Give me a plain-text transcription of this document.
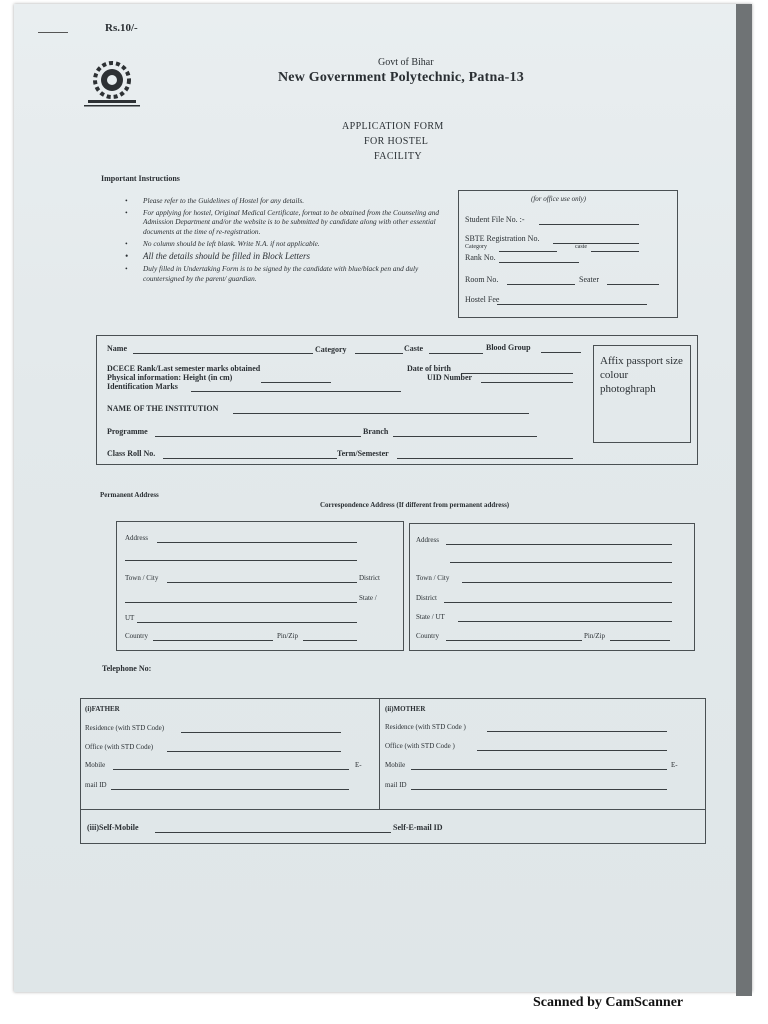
Rs.10/-
Govt of Bihar
New Government Polytechnic, Patna-13
APPLICATION FORM
FOR HOSTEL
FACILITY
Important Instructions
• Please refer to the Guidelines of Hostel for any details.
• For applying for hostel, Original Medical Certificate, format to be obtained from the Counseling and Admission Department and/or the website is to be submitted by candidate along with other essential documents at the time of re-registration.
• No column should be left blank. Write N.A. if not applicable.
• All the details should be filled in Block Letters
• Duly filled in Undertaking Form is to be signed by the candidate with blue/black pen and duly countersigned by the parent/ guardian.
(for office use only)
Student File No. :-
SBTE Registration No.
Category	caste
Rank No.
Room No.	Seater
Hostel Fee
Name	Category	Caste	Blood Group
DCECE Rank/Last semester marks obtained
Physical information: Height (in cm)
Identification Marks
Date of birth
UID Number
NAME OF THE INSTITUTION
Programme	Branch
Class Roll No.	Term/Semester
Affix passport size colour photoghraph
Permanent Address
Correspondence Address (If different from permanent address)
Address
Town / City	District
State /
UT
Country	Pin/Zip
Address
Town / City
District
State / UT
Country	Pin/Zip
Telephone No:
(i)FATHER
Residence (with STD Code)
Office (with STD Code)
Mobile	E-
mail ID
(ii)MOTHER
Residence (with STD Code )
Office (with STD Code )
Mobile	E-
mail ID
(iii)Self-Mobile	Self-E-mail ID
Scanned by CamScanner
